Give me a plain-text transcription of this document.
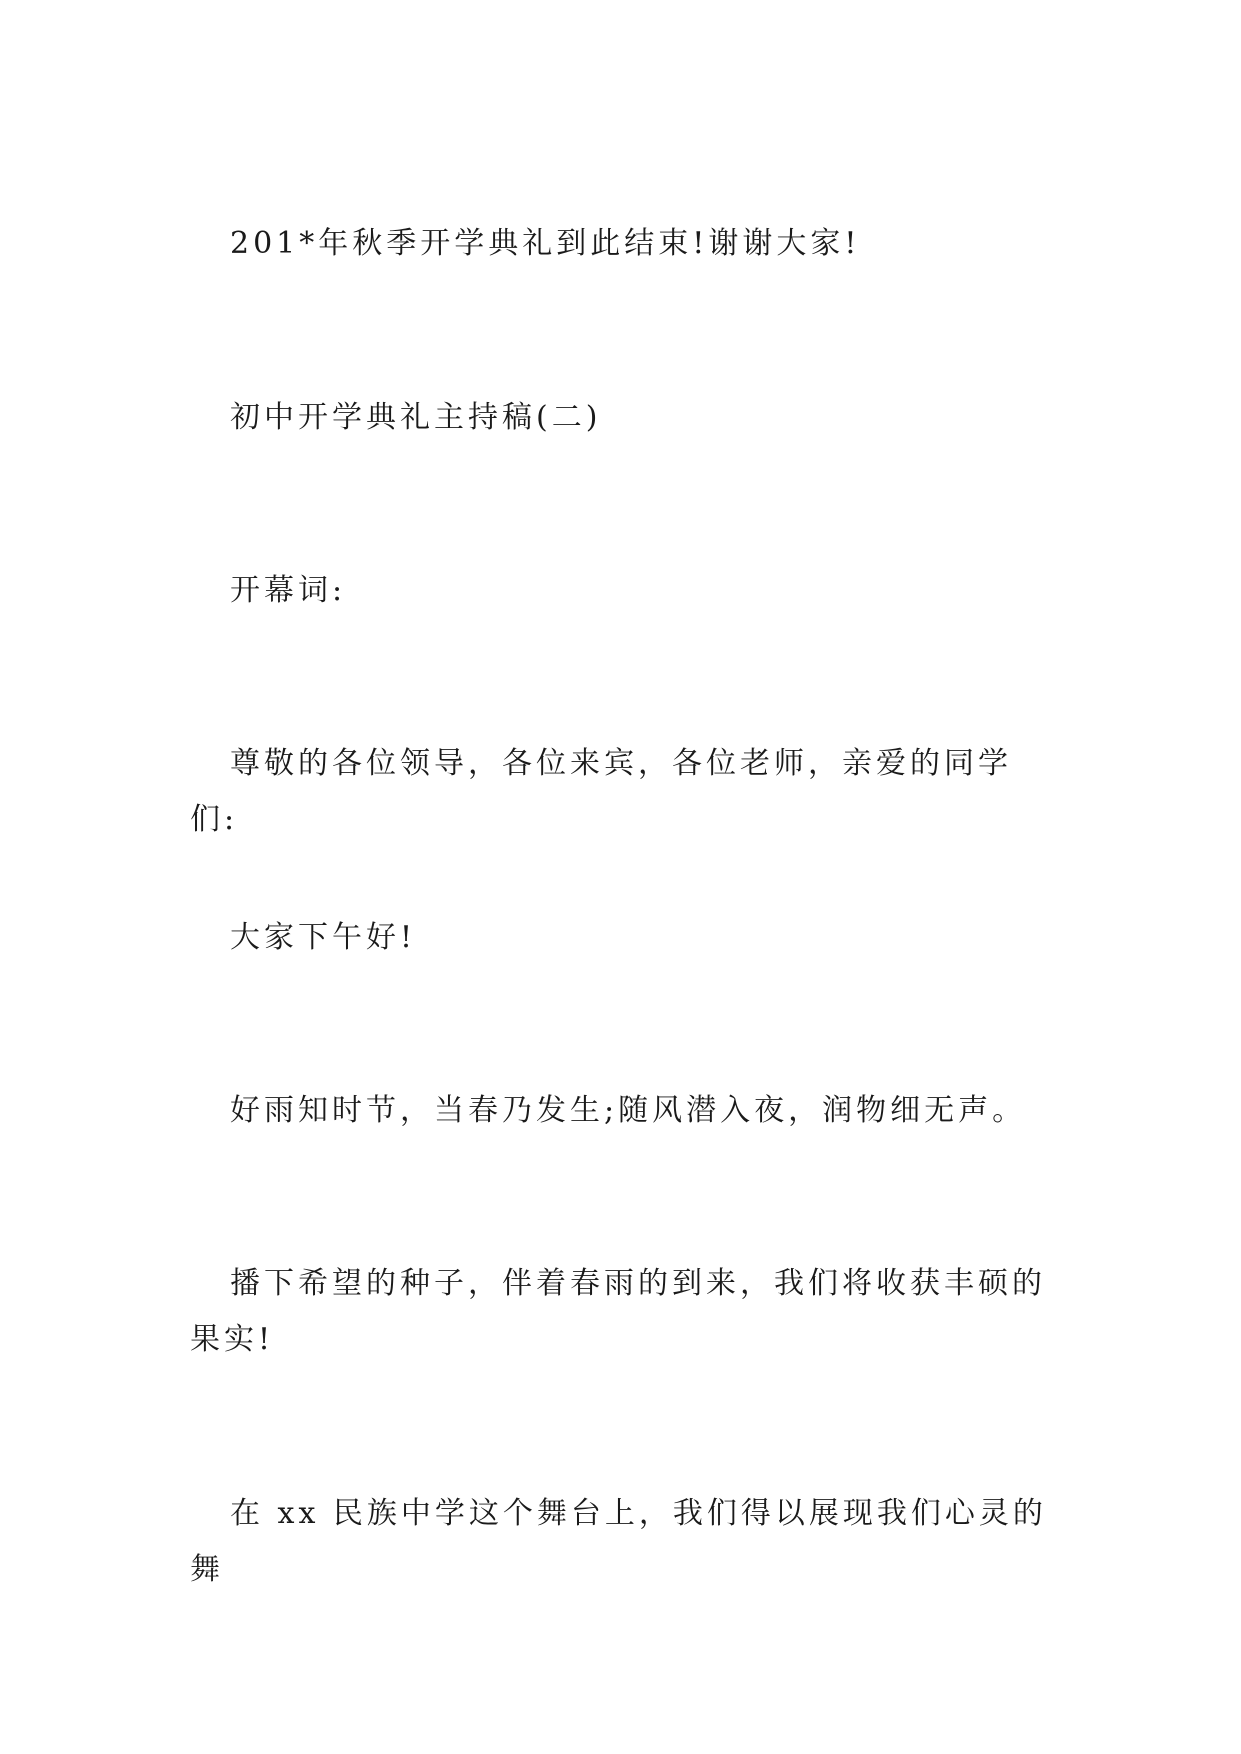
201*年秋季开学典礼到此结束!谢谢大家!

初中开学典礼主持稿(二)

开幕词:

尊敬的各位领导，各位来宾，各位老师，亲爱的同学们:

大家下午好!

好雨知时节，当春乃发生;随风潜入夜，润物细无声。

播下希望的种子，伴着春雨的到来，我们将收获丰硕的果实!

在 xx 民族中学这个舞台上，我们得以展现我们心灵的舞
